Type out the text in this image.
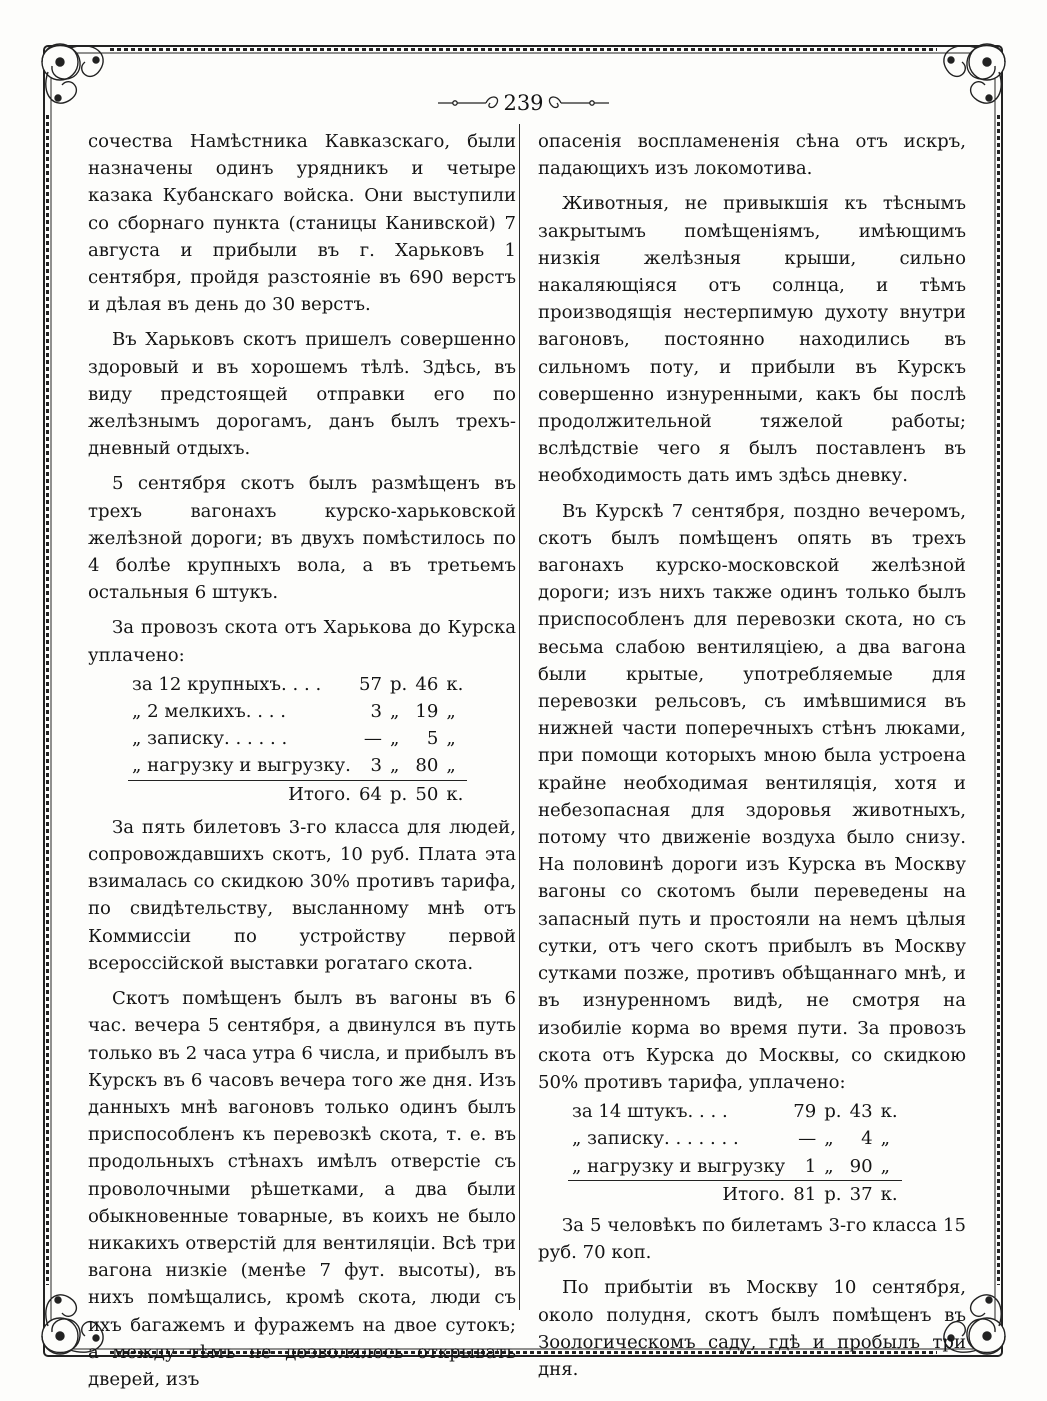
239

сочества Намѣстника Кавказскаго, были назначены одинъ урядникъ и четыре казака Кубанскаго войска. Они выступили со сборнаго пункта (станицы Канивской) 7 августа и прибыли въ г. Харьковъ 1 сентября, пройдя разстояніе въ 690 верстъ и дѣлая въ день до 30 верстъ.

Въ Харьковъ скотъ пришелъ совершенно здоровый и въ хорошемъ тѣлѣ. Здѣсь, въ виду предстоящей отправки его по желѣзнымъ дорогамъ, данъ былъ трехъ-дневный отдыхъ.

5 сентября скотъ былъ размѣщенъ въ трехъ вагонахъ курско-харьковской желѣзной дороги; въ двухъ помѣстилось по 4 болѣе крупныхъ вола, а въ третьемъ остальныя 6 штукъ.

За провозъ скота отъ Харькова до Курска уплачено:

за 12 крупныхъ. . . .	57	р.	46	к.
„ 2 мелкихъ. . . .	3	„	19	„
„ записку. . . . . .	—	„	5	„
„ нагрузку и выгрузку.	3	„	80	„
Итого.	64	р.	50	к.

За пять билетовъ 3-го класса для людей, сопровождавшихъ скотъ, 10 руб. Плата эта взималась со скидкою 30% противъ тарифа, по свидѣтельству, высланному мнѣ отъ Коммиссіи по устройству первой всероссійской выставки рогатаго скота.

Скотъ помѣщенъ былъ въ вагоны въ 6 час. вечера 5 сентября, а двинулся въ путь только въ 2 часа утра 6 числа, и прибылъ въ Курскъ въ 6 часовъ вечера того же дня. Изъ данныхъ мнѣ вагоновъ только одинъ былъ приспособленъ къ перевозкѣ скота, т. е. въ продольныхъ стѣнахъ имѣлъ отверстіе съ проволочными рѣшетками, а два были обыкновенные товарные, въ коихъ не было никакихъ отверстій для вентиляціи. Всѣ три вагона низкіе (менѣе 7 фут. высоты), въ нихъ помѣщались, кромѣ скота, люди съ ихъ багажемъ и фуражемъ на двое сутокъ; а между тѣмъ не дозволялось открывать дверей, изъ

опасенія воспламененія сѣна отъ искръ, падающихъ изъ локомотива.

Животныя, не привыкшія къ тѣснымъ закрытымъ помѣщеніямъ, имѣющимъ низкія желѣзныя крыши, сильно накаляющіяся отъ солнца, и тѣмъ производящія нестерпимую духоту внутри вагоновъ, постоянно находились въ сильномъ поту, и прибыли въ Курскъ совершенно изнуренными, какъ бы послѣ продолжительной тяжелой работы; вслѣдствіе чего я былъ поставленъ въ необходимость дать имъ здѣсь дневку.

Въ Курскѣ 7 сентября, поздно вечеромъ, скотъ былъ помѣщенъ опять въ трехъ вагонахъ курско-московской желѣзной дороги; изъ нихъ также одинъ только былъ приспособленъ для перевозки скота, но съ весьма слабою вентиляціею, а два вагона были крытые, употребляемые для перевозки рельсовъ, съ имѣвшимися въ нижней части поперечныхъ стѣнъ люками, при помощи которыхъ мною была устроена крайне необходимая вентиляція, хотя и небезопасная для здоровья животныхъ, потому что движеніе воздуха было снизу. На половинѣ дороги изъ Курска въ Москву вагоны со скотомъ были переведены на запасный путь и простояли на немъ цѣлыя сутки, отъ чего скотъ прибылъ въ Москву сутками позже, противъ обѣщаннаго мнѣ, и въ изнуренномъ видѣ, не смотря на изобиліе корма во время пути. За провозъ скота отъ Курска до Москвы, со скидкою 50% противъ тарифа, уплачено:

за 14 штукъ. . . .	79	р.	43	к.
„ записку. . . . . . .	—	„	4	„
„ нагрузку и выгрузку	1	„	90	„
Итого.	81	р.	37	к.

За 5 человѣкъ по билетамъ 3-го класса 15 руб. 70 коп.

По прибытіи въ Москву 10 сентября, около полудня, скотъ былъ помѣщенъ въ Зоологическомъ саду, гдѣ и пробылъ три дня.
